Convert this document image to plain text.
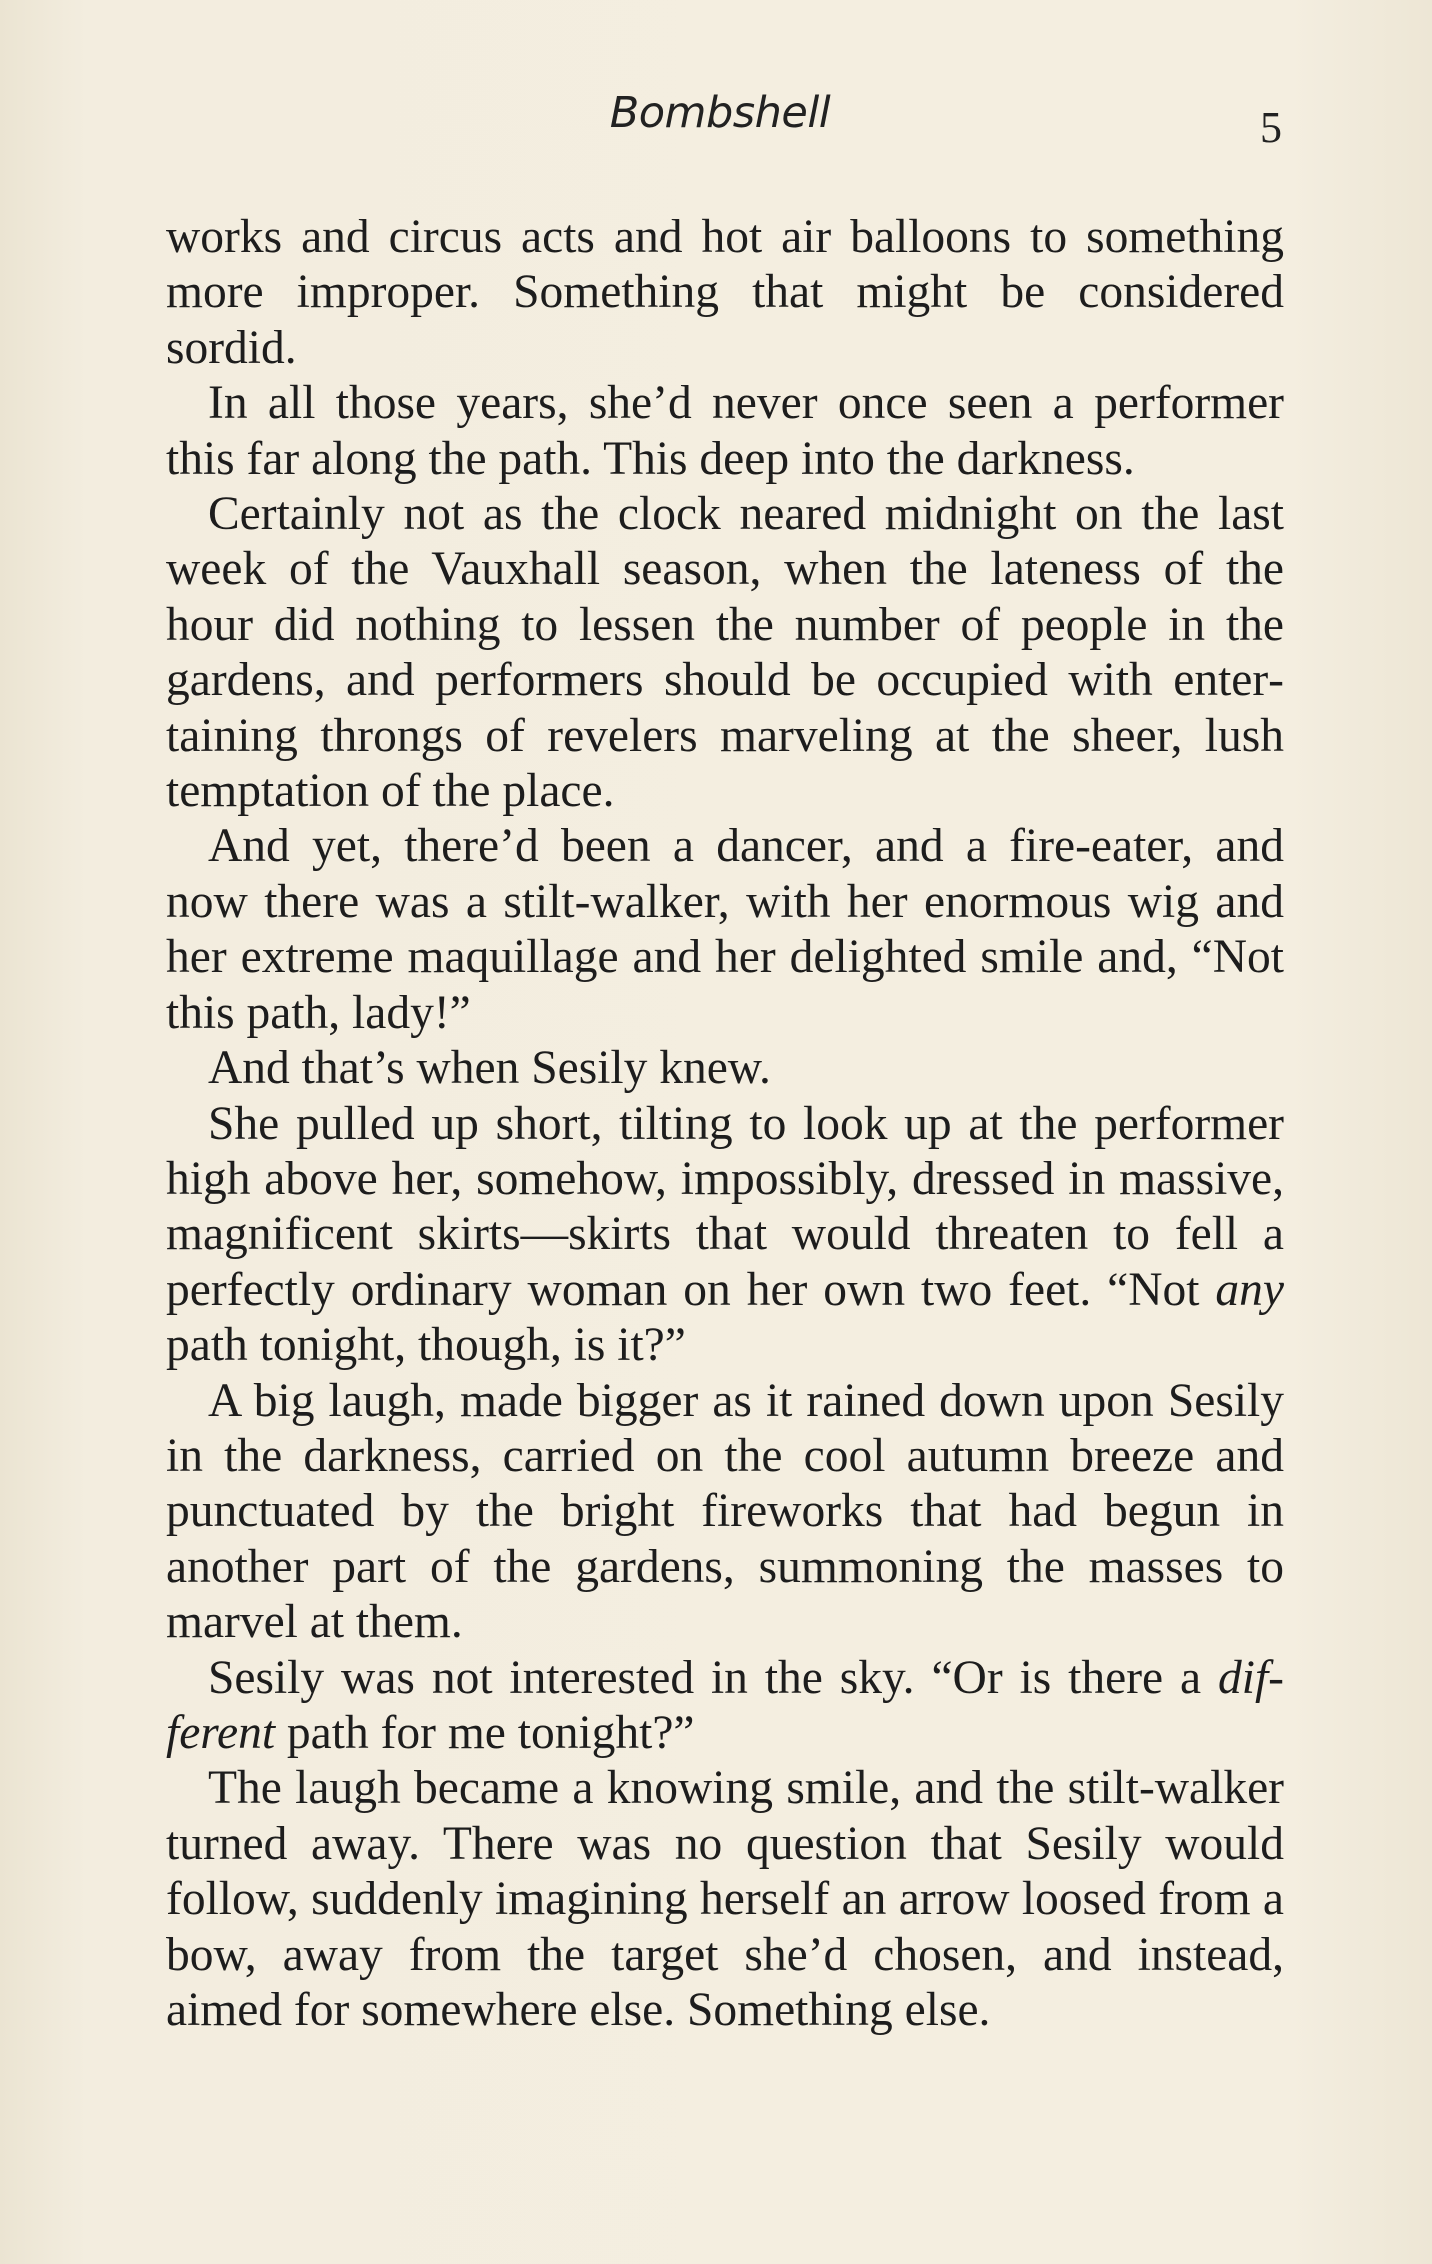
Bombshell	5

works and circus acts and hot air balloons to something more improper. Something that might be considered sordid.

In all those years, she’d never once seen a performer this far along the path. This deep into the darkness.

Certainly not as the clock neared midnight on the last week of the Vauxhall season, when the lateness of the hour did nothing to lessen the number of people in the gardens, and performers should be occupied with entertaining throngs of revelers marveling at the sheer, lush temptation of the place.

And yet, there’d been a dancer, and a fire-eater, and now there was a stilt-walker, with her enormous wig and her extreme maquillage and her delighted smile and, “Not this path, lady!”

And that’s when Sesily knew.

She pulled up short, tilting to look up at the performer high above her, somehow, impossibly, dressed in massive, magnificent skirts—skirts that would threaten to fell a perfectly ordinary woman on her own two feet. “Not any path tonight, though, is it?”

A big laugh, made bigger as it rained down upon Sesily in the darkness, carried on the cool autumn breeze and punctuated by the bright fireworks that had begun in another part of the gardens, summoning the masses to marvel at them.

Sesily was not interested in the sky. “Or is there a different path for me tonight?”

The laugh became a knowing smile, and the stilt-walker turned away. There was no question that Sesily would follow, suddenly imagining herself an arrow loosed from a bow, away from the target she’d chosen, and instead, aimed for somewhere else. Something else.
